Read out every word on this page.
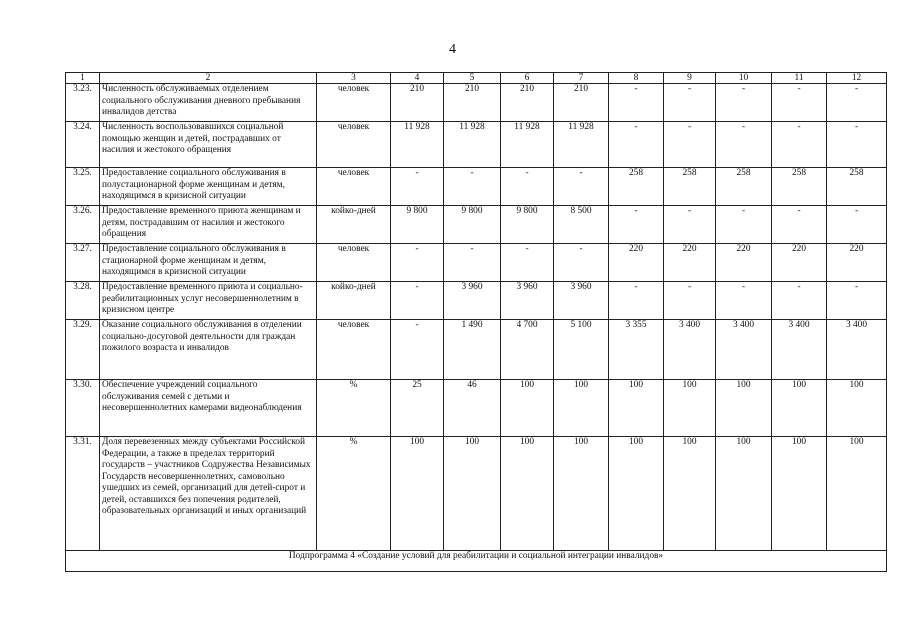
4
1	2	3	4	5	6	7	8	9	10	11	12
3.23.	Численность обслуживаемых отделением социального обслуживания дневного пребывания инвалидов детства	человек	210	210	210	210	-	-	-	-	-
3.24.	Численность воспользовавшихся социальной помощью женщин и детей, пострадавших от насилия и жестокого обращения	человек	11 928	11 928	11 928	11 928	-	-	-	-	-
3.25.	Предоставление социального обслуживания в полустационарной форме женщинам и детям, находящимся в кризисной ситуации	человек	-	-	-	-	258	258	258	258	258
3.26.	Предоставление временного приюта женщинам и детям, пострадавшим от насилия и жестокого обращения	койко-дней	9 800	9 800	9 800	8 500	-	-	-	-	-
3.27.	Предоставление социального обслуживания в стационарной форме женщинам и детям, находящимся в кризисной ситуации	человек	-	-	-	-	220	220	220	220	220
3.28.	Предоставление временного приюта и социально-реабилитационных услуг несовершеннолетним в кризисном центре	койко-дней	-	3 960	3 960	3 960	-	-	-	-	-
3.29.	Оказание социального обслуживания в отделении социально-досуговой деятельности для граждан пожилого возраста и инвалидов	человек	-	1 490	4 700	5 100	3 355	3 400	3 400	3 400	3 400
3.30.	Обеспечение учреждений социального обслуживания семей с детьми и несовершеннолетних камерами видеонаблюдения	%	25	46	100	100	100	100	100	100	100
3.31.	Доля перевезенных между субъектами Российской Федерации, а также в пределах территорий государств – участников Содружества Независимых Государств несовершеннолетних, самовольно ушедших из семей, организаций для детей-сирот и детей, оставшихся без попечения родителей, образовательных организаций и иных организаций	%	100	100	100	100	100	100	100	100	100
Подпрограмма 4 «Создание условий для реабилитации и социальной интеграции инвалидов»											
